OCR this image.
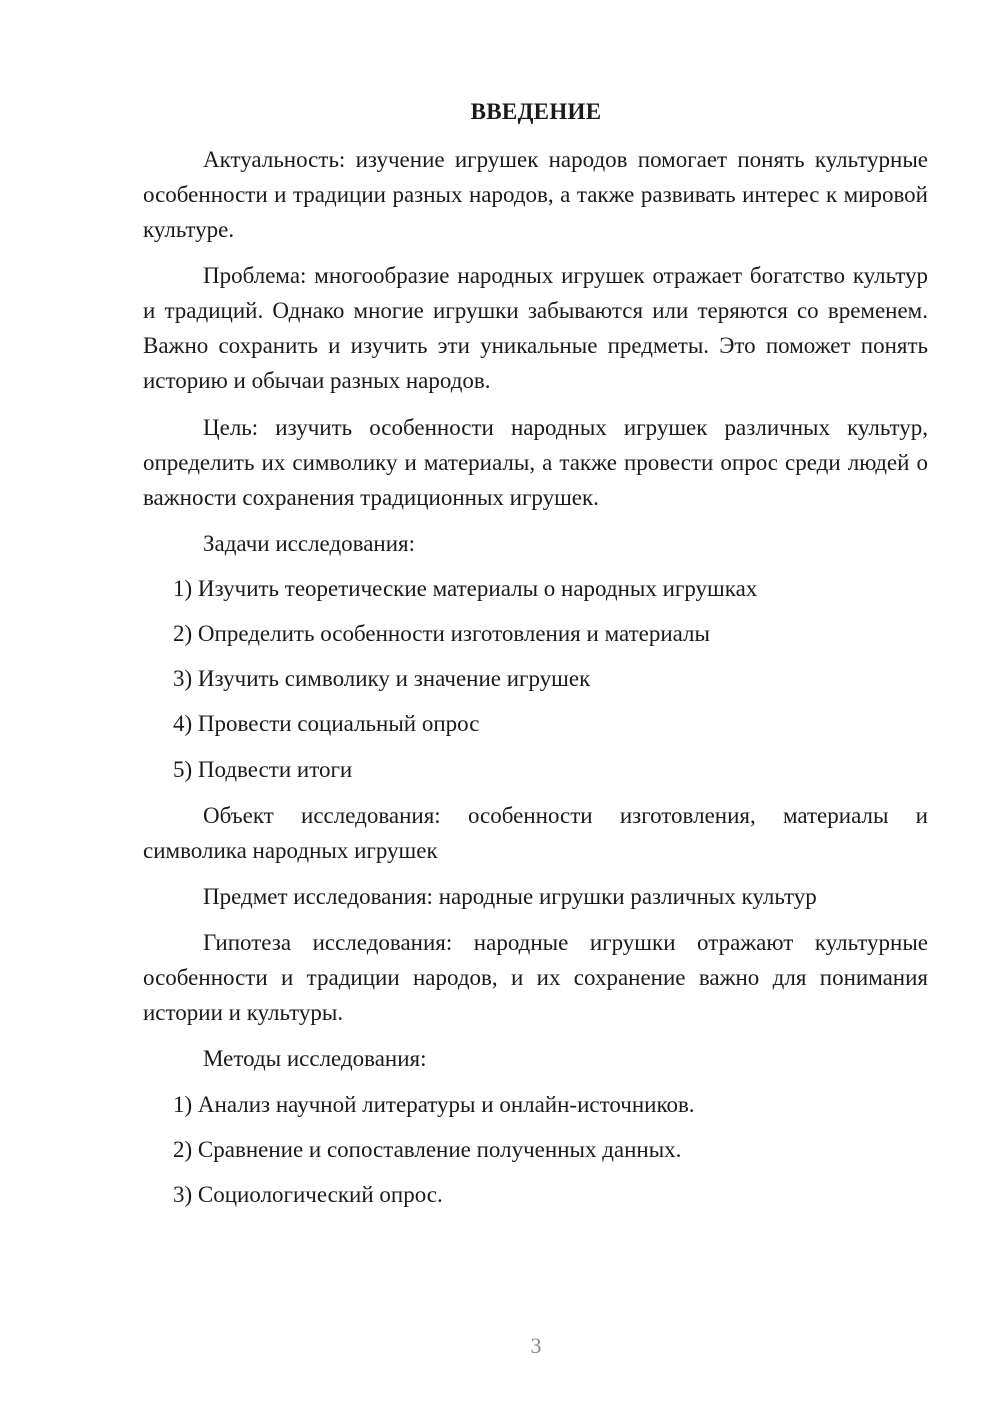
ВВЕДЕНИЕ

Актуальность: изучение игрушек народов помогает понять культурные особенности и традиции разных народов, а также развивать интерес к мировой культуре.

Проблема: многообразие народных игрушек отражает богатство культур и традиций. Однако многие игрушки забываются или теряются со временем. Важно сохранить и изучить эти уникальные предметы. Это поможет понять историю и обычаи разных народов.

Цель: изучить особенности народных игрушек различных культур, определить их символику и материалы, а также провести опрос среди людей о важности сохранения традиционных игрушек.

Задачи исследования:

1) Изучить теоретические материалы о народных игрушках

2) Определить особенности изготовления и материалы

3) Изучить символику и значение игрушек

4) Провести социальный опрос

5) Подвести итоги

Объект исследования: особенности изготовления, материалы и символика народных игрушек

Предмет исследования: народные игрушки различных культур

Гипотеза исследования: народные игрушки отражают культурные особенности и традиции народов, и их сохранение важно для понимания истории и культуры.

Методы исследования:

1) Анализ научной литературы и онлайн-источников.

2) Сравнение и сопоставление полученных данных.

3) Социологический опрос.

3
